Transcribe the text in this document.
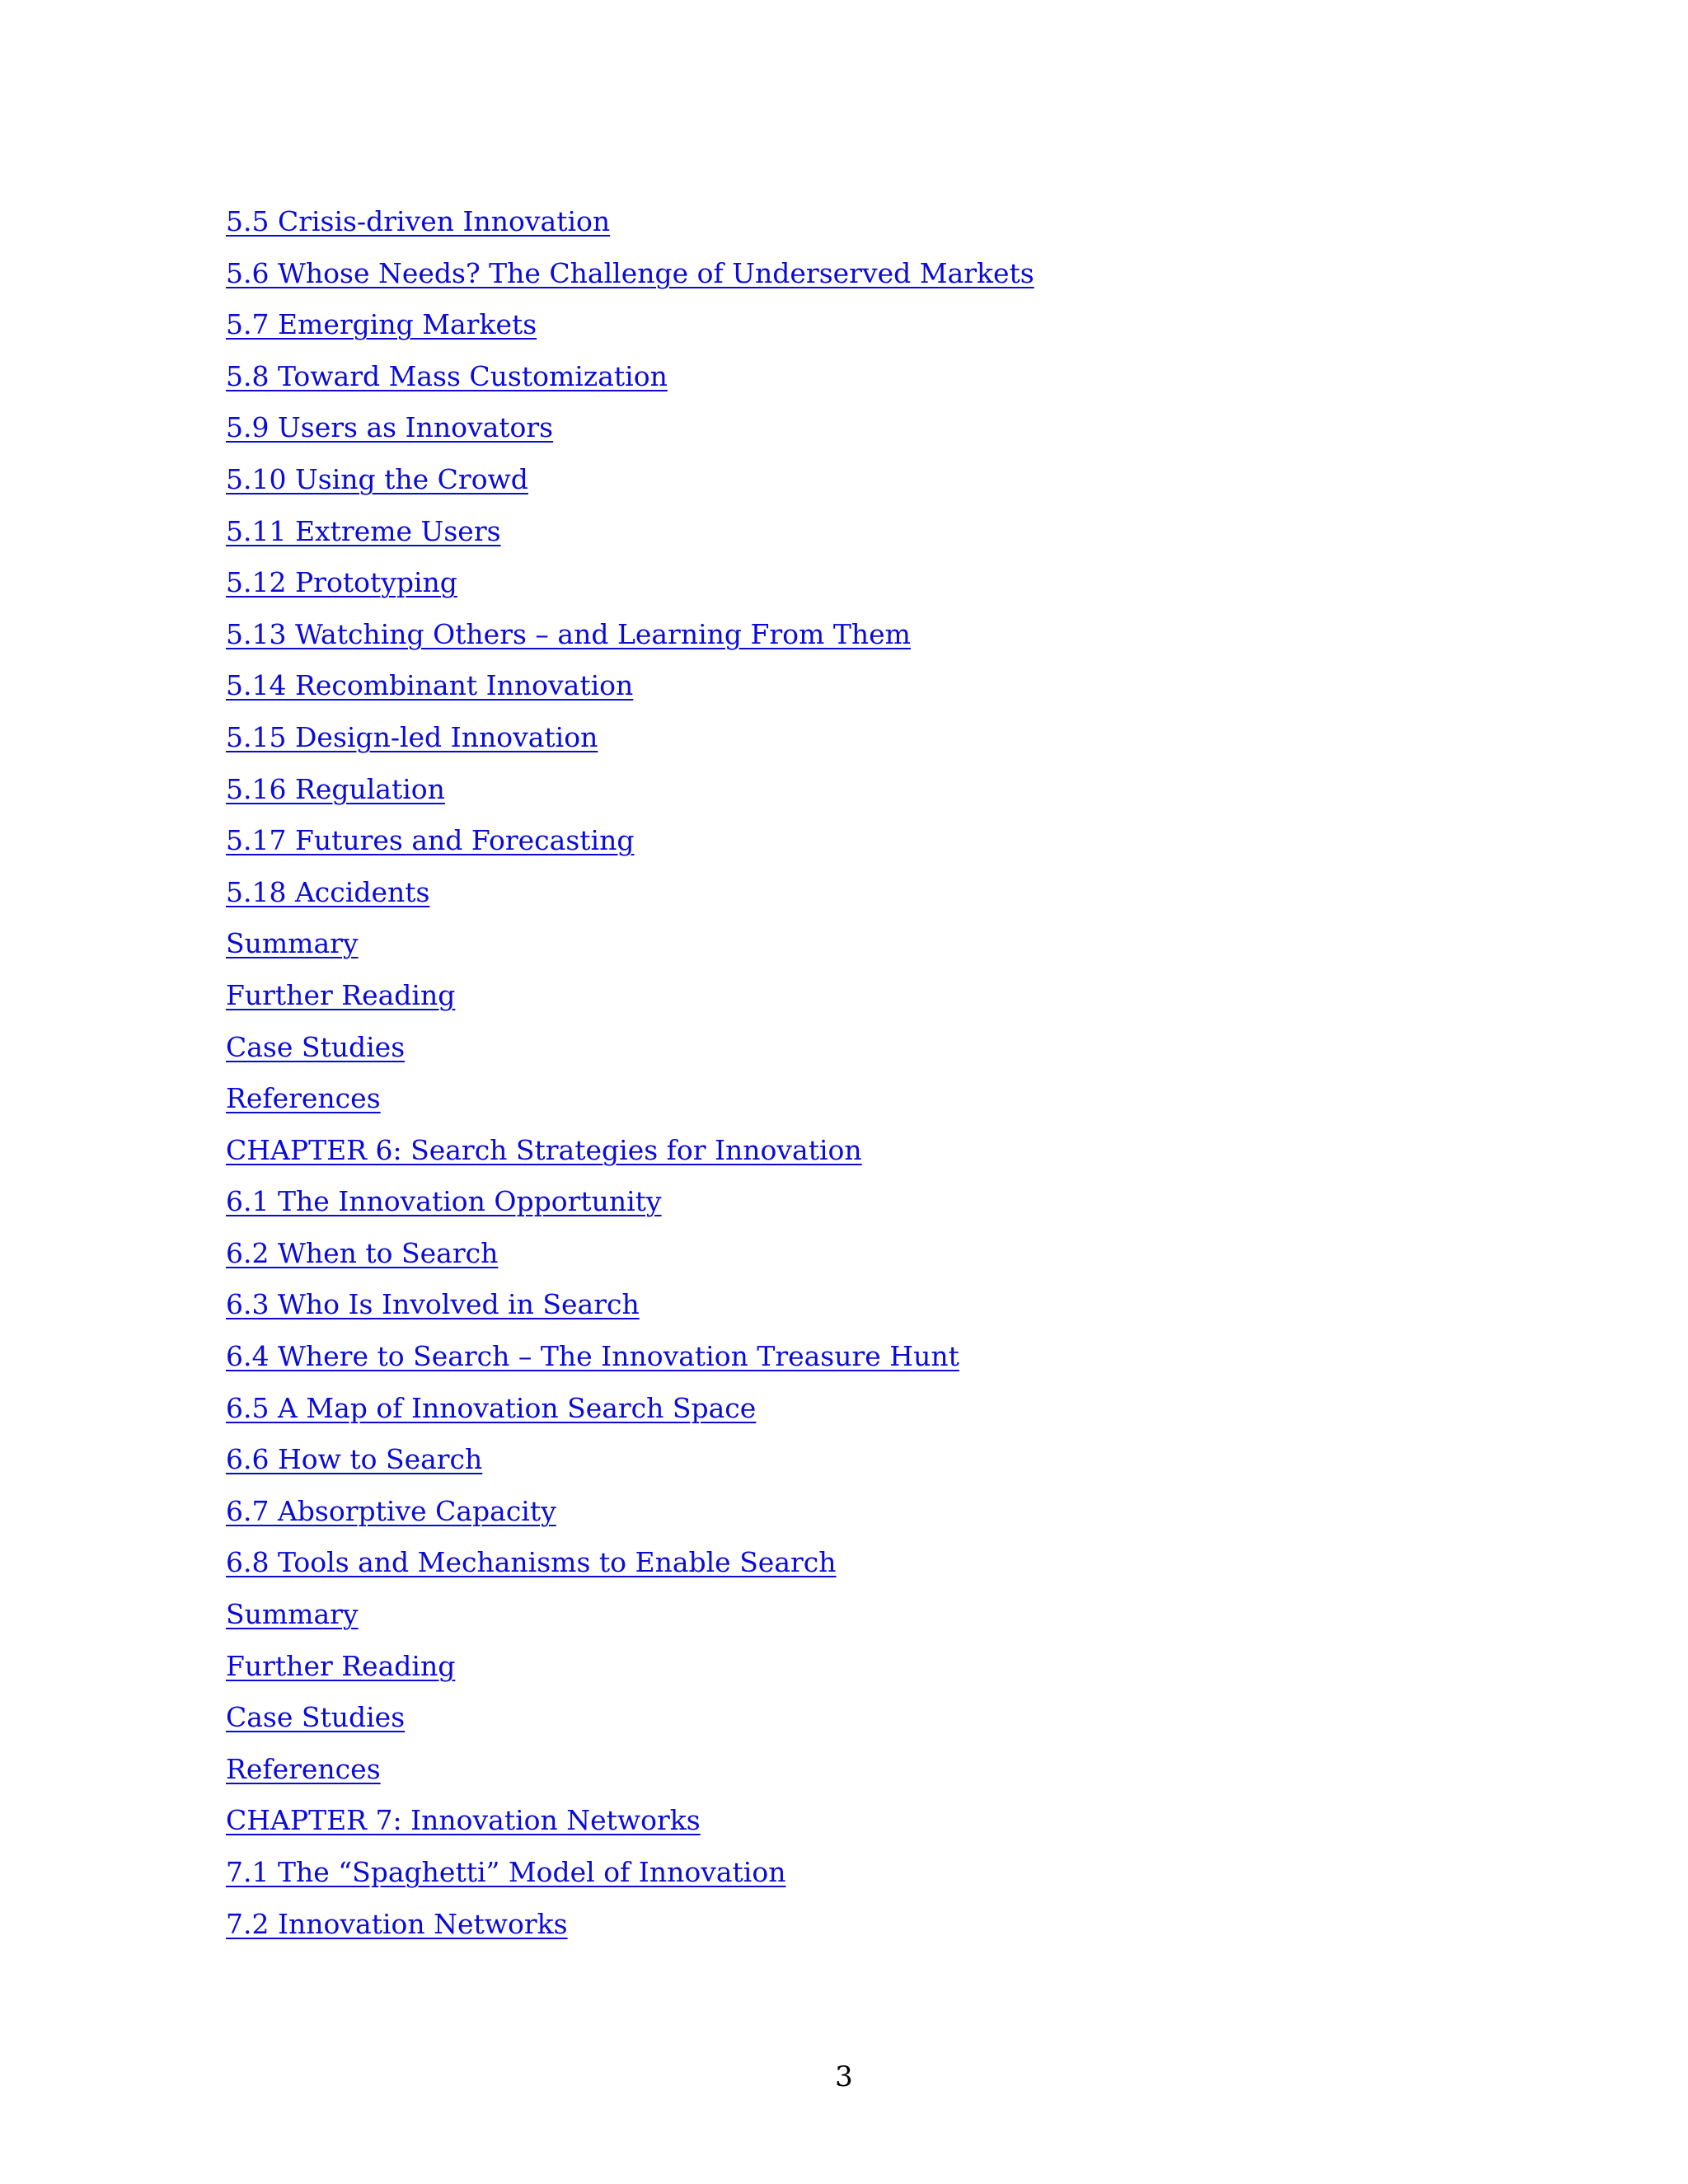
5.5 Crisis-driven Innovation
5.6 Whose Needs? The Challenge of Underserved Markets
5.7 Emerging Markets
5.8 Toward Mass Customization
5.9 Users as Innovators
5.10 Using the Crowd
5.11 Extreme Users
5.12 Prototyping
5.13 Watching Others – and Learning From Them
5.14 Recombinant Innovation
5.15 Design-led Innovation
5.16 Regulation
5.17 Futures and Forecasting
5.18 Accidents
Summary
Further Reading
Case Studies
References
CHAPTER 6: Search Strategies for Innovation
6.1 The Innovation Opportunity
6.2 When to Search
6.3 Who Is Involved in Search
6.4 Where to Search – The Innovation Treasure Hunt
6.5 A Map of Innovation Search Space
6.6 How to Search
6.7 Absorptive Capacity
6.8 Tools and Mechanisms to Enable Search
Summary
Further Reading
Case Studies
References
CHAPTER 7: Innovation Networks
7.1 The “Spaghetti” Model of Innovation
7.2 Innovation Networks
3
